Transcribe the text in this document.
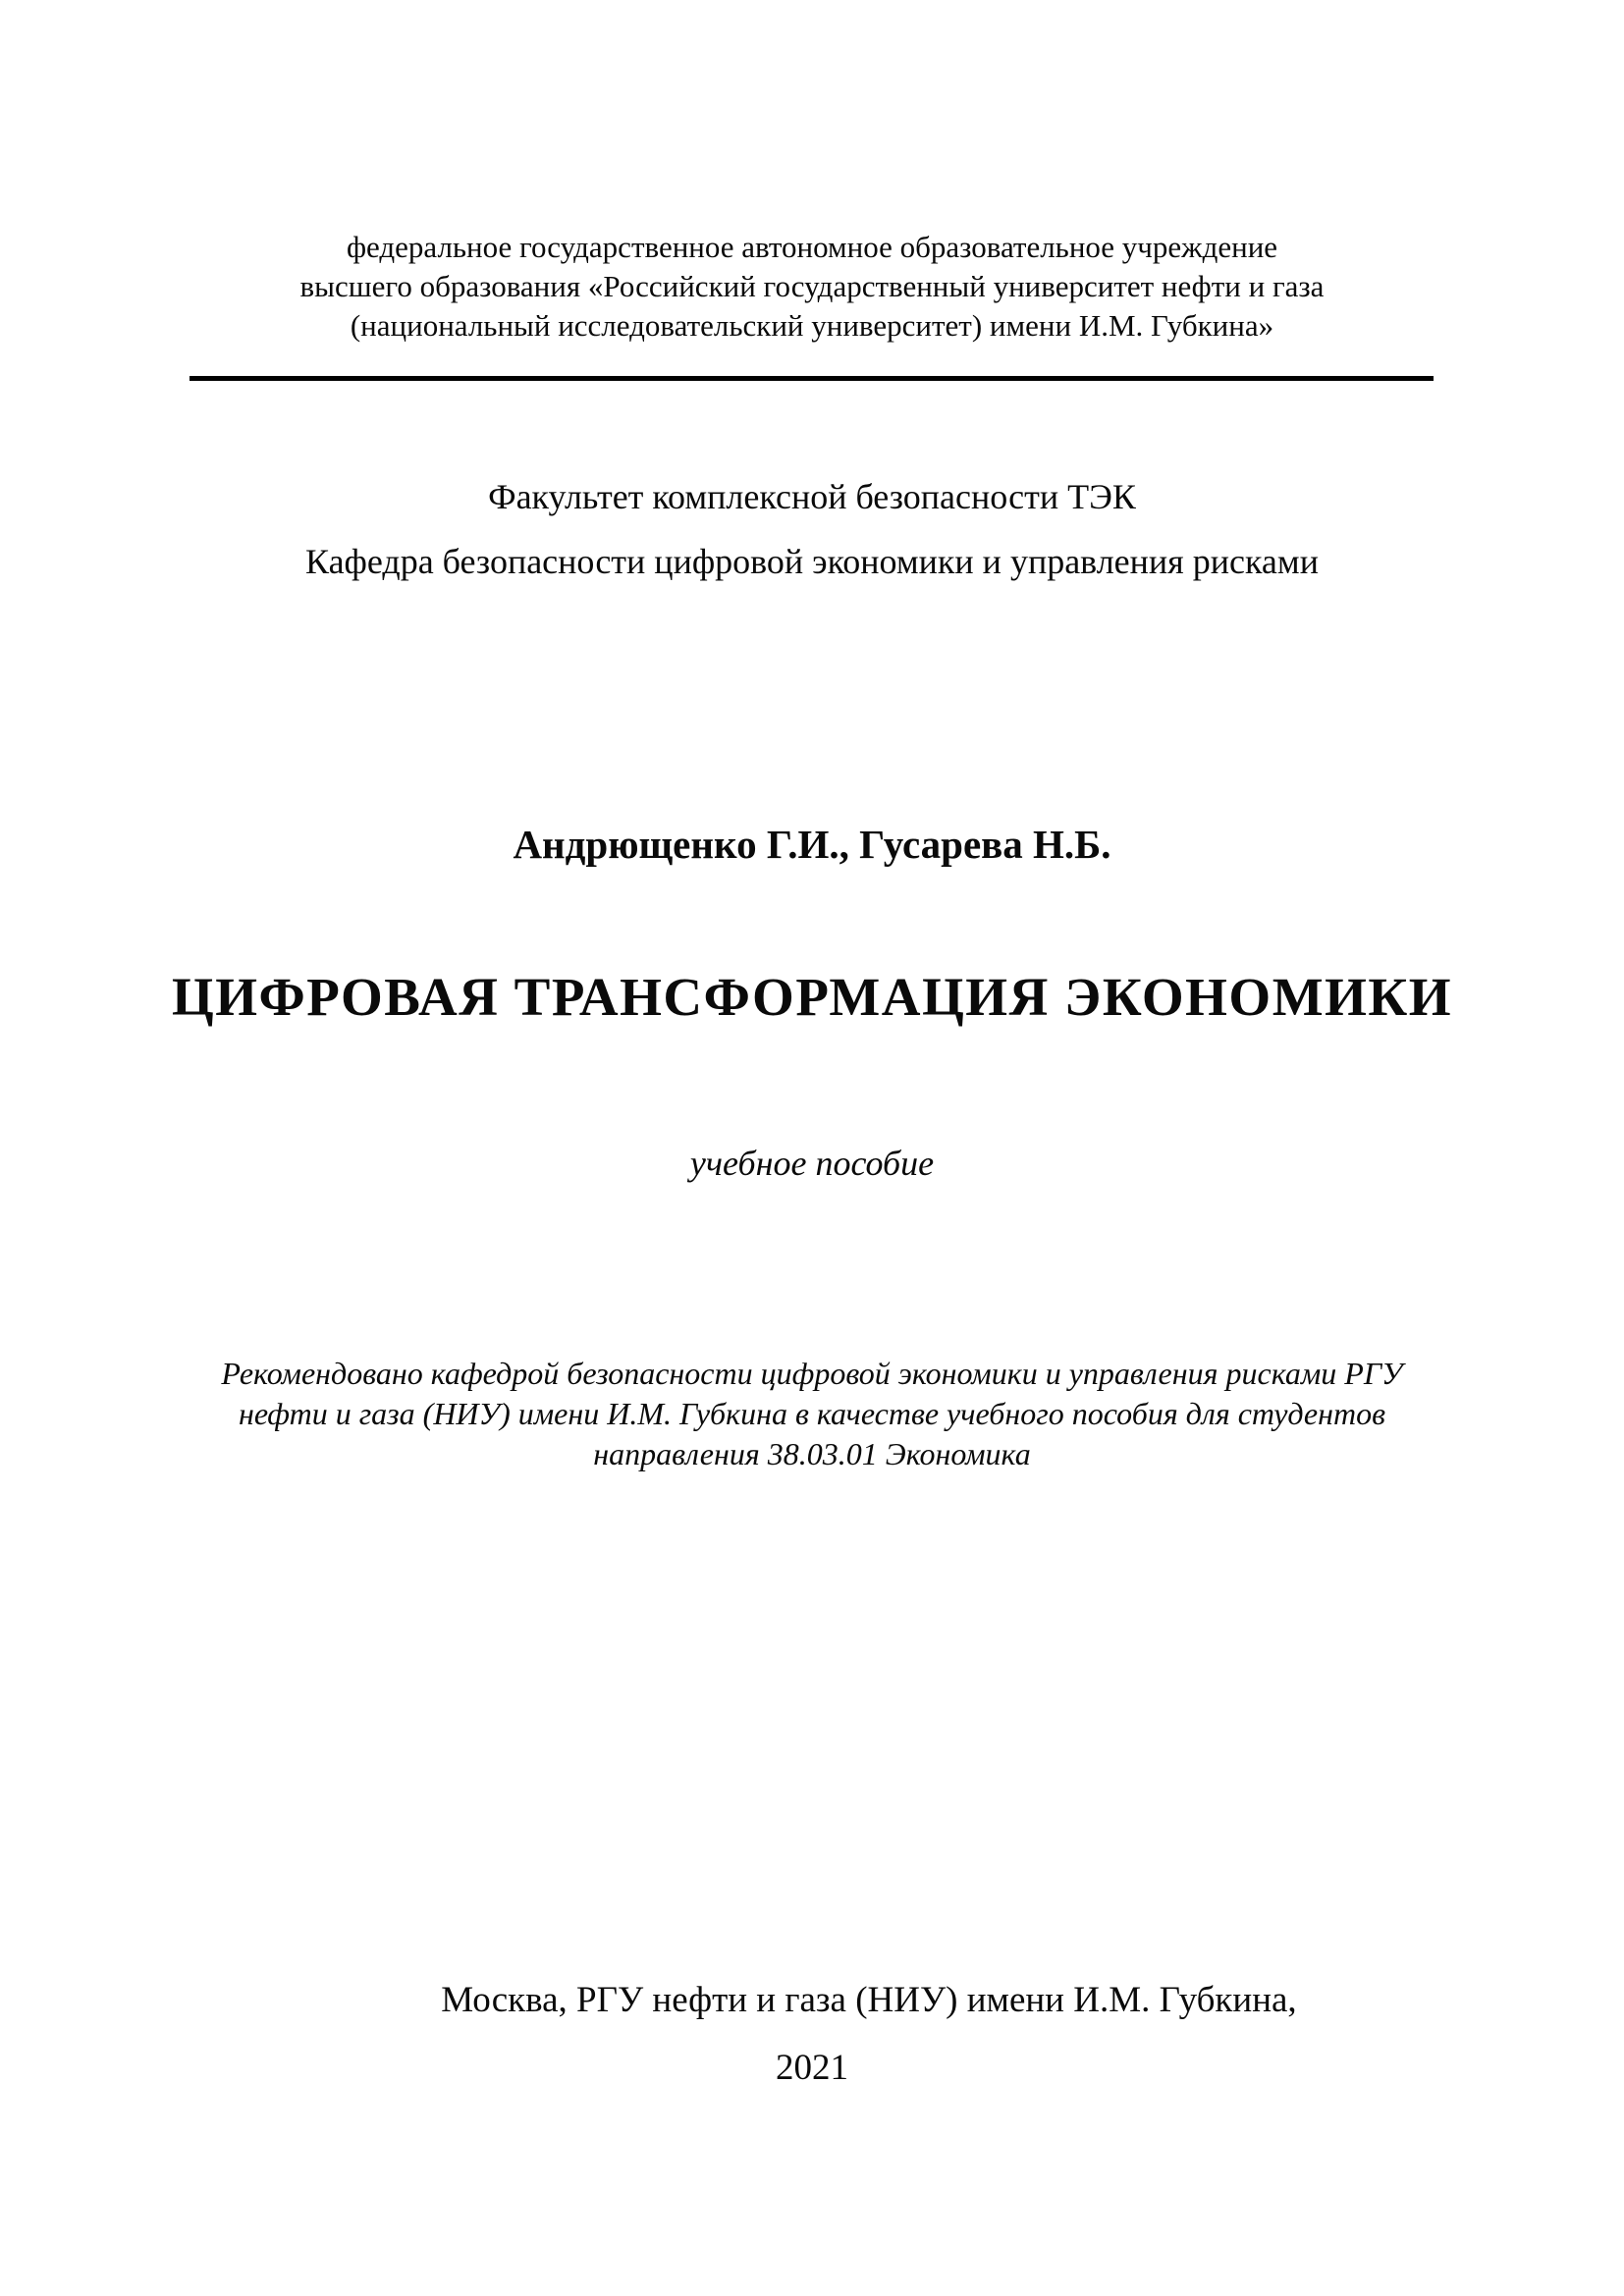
федеральное государственное автономное образовательное учреждение
высшего образования «Российский государственный университет нефти и газа
(национальный исследовательский университет) имени И.М. Губкина»
Факультет комплексной безопасности ТЭК
Кафедра безопасности цифровой экономики и управления рисками
Андрющенко Г.И., Гусарева Н.Б.
ЦИФРОВАЯ ТРАНСФОРМАЦИЯ ЭКОНОМИКИ
учебное пособие
Рекомендовано кафедрой безопасности цифровой экономики и управления рисками РГУ
нефти и газа (НИУ) имени И.М. Губкина в качестве учебного пособия для студентов
направления 38.03.01 Экономика
Москва, РГУ нефти и газа (НИУ) имени И.М. Губкина,
2021
